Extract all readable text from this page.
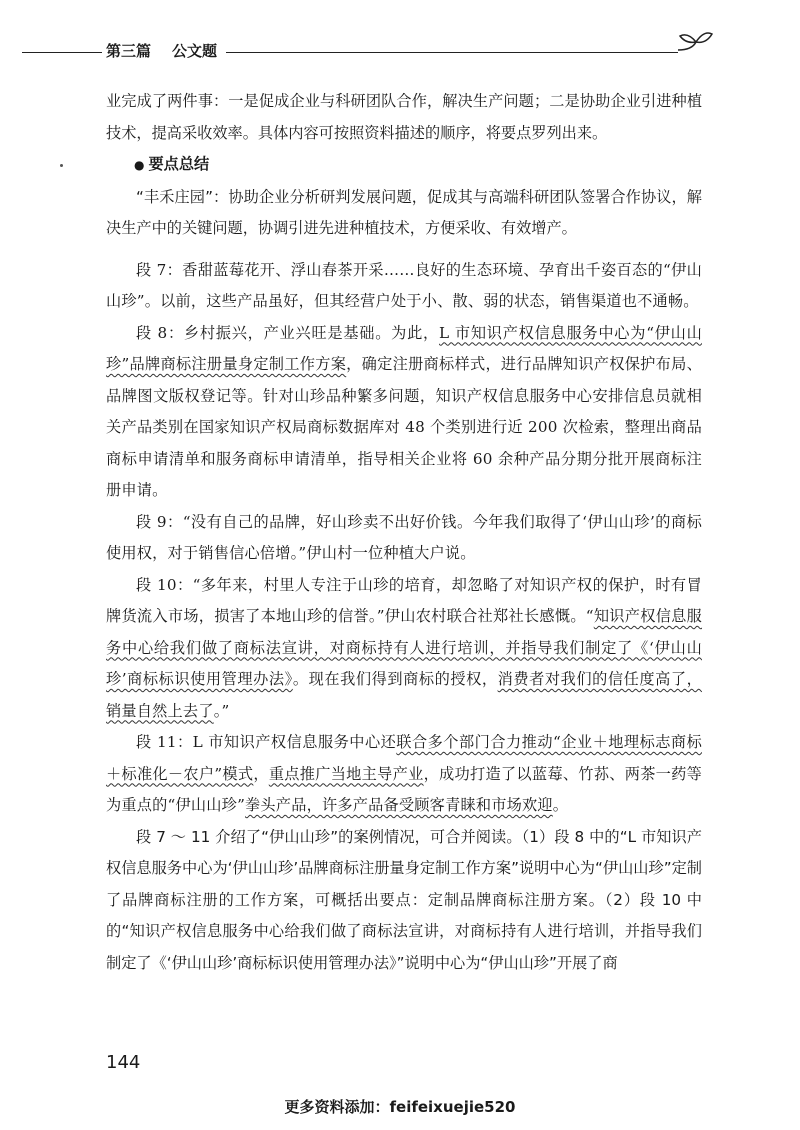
第三篇 公文题

业完成了两件事：一是促成企业与科研团队合作，解决生产问题；二是协助企业引进种植技术，提高采收效率。具体内容可按照资料描述的顺序，将要点罗列出来。

● 要点总结

“丰禾庄园”：协助企业分析研判发展问题，促成其与高端科研团队签署合作协议，解决生产中的关键问题，协调引进先进种植技术，方便采收、有效增产。

段 7：香甜蓝莓花开、浮山春茶开采……良好的生态环境、孕育出千姿百态的“伊山山珍”。以前，这些产品虽好，但其经营户处于小、散、弱的状态，销售渠道也不通畅。

段 8：乡村振兴，产业兴旺是基础。为此，L 市知识产权信息服务中心为“伊山山珍”品牌商标注册量身定制工作方案，确定注册商标样式，进行品牌知识产权保护布局、品牌图文版权登记等。针对山珍品种繁多问题，知识产权信息服务中心安排信息员就相关产品类别在国家知识产权局商标数据库对 48 个类别进行近 200 次检索，整理出商品商标申请清单和服务商标申请清单，指导相关企业将 60 余种产品分期分批开展商标注册申请。

段 9：“没有自己的品牌，好山珍卖不出好价钱。今年我们取得了‘伊山山珍’的商标使用权，对于销售信心倍增。”伊山村一位种植大户说。

段 10：“多年来，村里人专注于山珍的培育，却忽略了对知识产权的保护，时有冒牌货流入市场，损害了本地山珍的信誉。”伊山农村联合社郑社长感慨。“知识产权信息服务中心给我们做了商标法宣讲，对商标持有人进行培训，并指导我们制定了《‘伊山山珍’商标标识使用管理办法》。现在我们得到商标的授权，消费者对我们的信任度高了，销量自然上去了。”

段 11：L 市知识产权信息服务中心还联合多个部门合力推动“企业＋地理标志商标＋标准化－农户”模式，重点推广当地主导产业，成功打造了以蓝莓、竹荪、两茶一药等为重点的“伊山山珍”拳头产品，许多产品备受顾客青睐和市场欢迎。

段 7 ～ 11 介绍了“伊山山珍”的案例情况，可合并阅读。（1）段 8 中的“L 市知识产权信息服务中心为‘伊山山珍’品牌商标注册量身定制工作方案”说明中心为“伊山山珍”定制了品牌商标注册的工作方案，可概括出要点：定制品牌商标注册方案。（2）段 10 中的“知识产权信息服务中心给我们做了商标法宣讲，对商标持有人进行培训，并指导我们制定了《‘伊山山珍’商标标识使用管理办法》”说明中心为“伊山山珍”开展了商

144
更多资料添加：feifeixuejie520
